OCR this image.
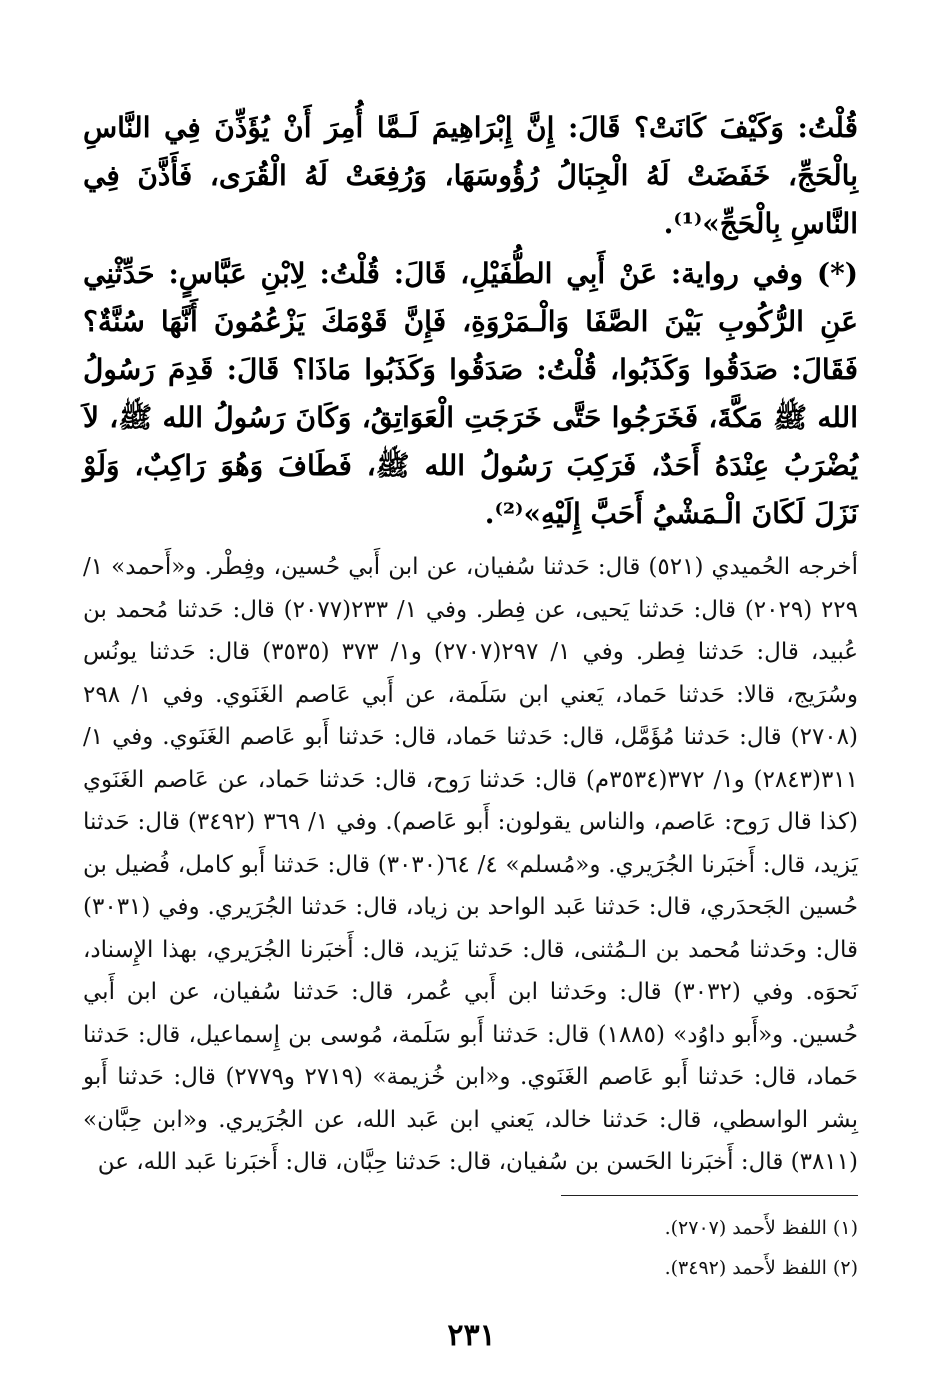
قُلْتُ: وَكَيْفَ كَانَتْ؟ قَالَ: إِنَّ إِبْرَاهِيمَ لَـمَّا أُمِرَ أَنْ يُؤَذِّنَ فِي النَّاسِ بِالْحَجِّ، خَفَضَتْ لَهُ الْجِبَالُ رُؤُوسَهَا، وَرُفِعَتْ لَهُ الْقُرَى، فَأَذَّنَ فِي النَّاسِ بِالْحَجِّ»⁽¹⁾.

(*) وفي رواية: عَنْ أَبِي الطُّفَيْلِ، قَالَ: قُلْتُ: لِابْنِ عَبَّاسٍ: حَدِّثْنِي عَنِ الرُّكُوبِ بَيْنَ الصَّفَا وَالْـمَرْوَةِ، فَإِنَّ قَوْمَكَ يَزْعُمُونَ أَنَّهَا سُنَّةٌ؟ فَقَالَ: صَدَقُوا وَكَذَبُوا، قُلْتُ: صَدَقُوا وَكَذَبُوا مَاذَا؟ قَالَ: قَدِمَ رَسُولُ الله ﷺ مَكَّةَ، فَخَرَجُوا حَتَّى خَرَجَتِ الْعَوَاتِقُ، وَكَانَ رَسُولُ الله ﷺ، لاَ يُضْرَبُ عِنْدَهُ أَحَدٌ، فَرَكِبَ رَسُولُ الله ﷺ، فَطَافَ وَهُوَ رَاكِبٌ، وَلَوْ نَزَلَ لَكَانَ الْـمَشْيُ أَحَبَّ إِلَيْهِ»⁽²⁾.

أخرجه الحُميدي (٥٢١) قال: حَدثنا سُفيان، عن ابن أَبي حُسين، وفِطْر. و«أَحمد» ١/ ٢٢٩ (٢٠٢٩) قال: حَدثنا يَحيى، عن فِطر. وفي ١/ ٢٣٣(٢٠٧٧) قال: حَدثنا مُحمد بن عُبيد، قال: حَدثنا فِطر. وفي ١/ ٢٩٧(٢٧٠٧) و١/ ٣٧٣ (٣٥٣٥) قال: حَدثنا يونُس وسُرَيج، قالا: حَدثنا حَماد، يَعني ابن سَلَمة، عن أَبي عَاصم الغَنَوي. وفي ١/ ٢٩٨ (٢٧٠٨) قال: حَدثنا مُؤَمَّل، قال: حَدثنا حَماد، قال: حَدثنا أَبو عَاصم الغَنَوي. وفي ١/ ٣١١(٢٨٤٣) و١/ ٣٧٢(٣٥٣٤م) قال: حَدثنا رَوح، قال: حَدثنا حَماد، عن عَاصم الغَنَوي (كذا قال رَوح: عَاصم، والناس يقولون: أَبو عَاصم). وفي ١/ ٣٦٩ (٣٤٩٢) قال: حَدثنا يَزيد، قال: أَخبَرنا الجُرَيري. و«مُسلم» ٤/ ٦٤(٣٠٣٠) قال: حَدثنا أَبو كامل، فُضيل بن حُسين الجَحدَري، قال: حَدثنا عَبد الواحد بن زياد، قال: حَدثنا الجُرَيري. وفي (٣٠٣١) قال: وحَدثنا مُحمد بن الـمُثنى، قال: حَدثنا يَزيد، قال: أَخبَرنا الجُرَيري، بهذا الإِسناد، نَحوَه. وفي (٣٠٣٢) قال: وحَدثنا ابن أَبي عُمر، قال: حَدثنا سُفيان، عن ابن أَبي حُسين. و«أَبو داوُد» (١٨٨٥) قال: حَدثنا أَبو سَلَمة، مُوسى بن إِسماعيل، قال: حَدثنا حَماد، قال: حَدثنا أَبو عَاصم الغَنَوي. و«ابن خُزيمة» (٢٧١٩ و٢٧٧٩) قال: حَدثنا أَبو بِشر الواسطي، قال: حَدثنا خالد، يَعني ابن عَبد الله، عن الجُرَيري. و«ابن حِبَّان» (٣٨١١) قال: أَخبَرنا الحَسن بن سُفيان، قال: حَدثنا حِبَّان، قال: أَخبَرنا عَبد الله، عن

(١) اللفظ لأَحمد (٢٧٠٧).

(٢) اللفظ لأَحمد (٣٤٩٢).

٢٣١
